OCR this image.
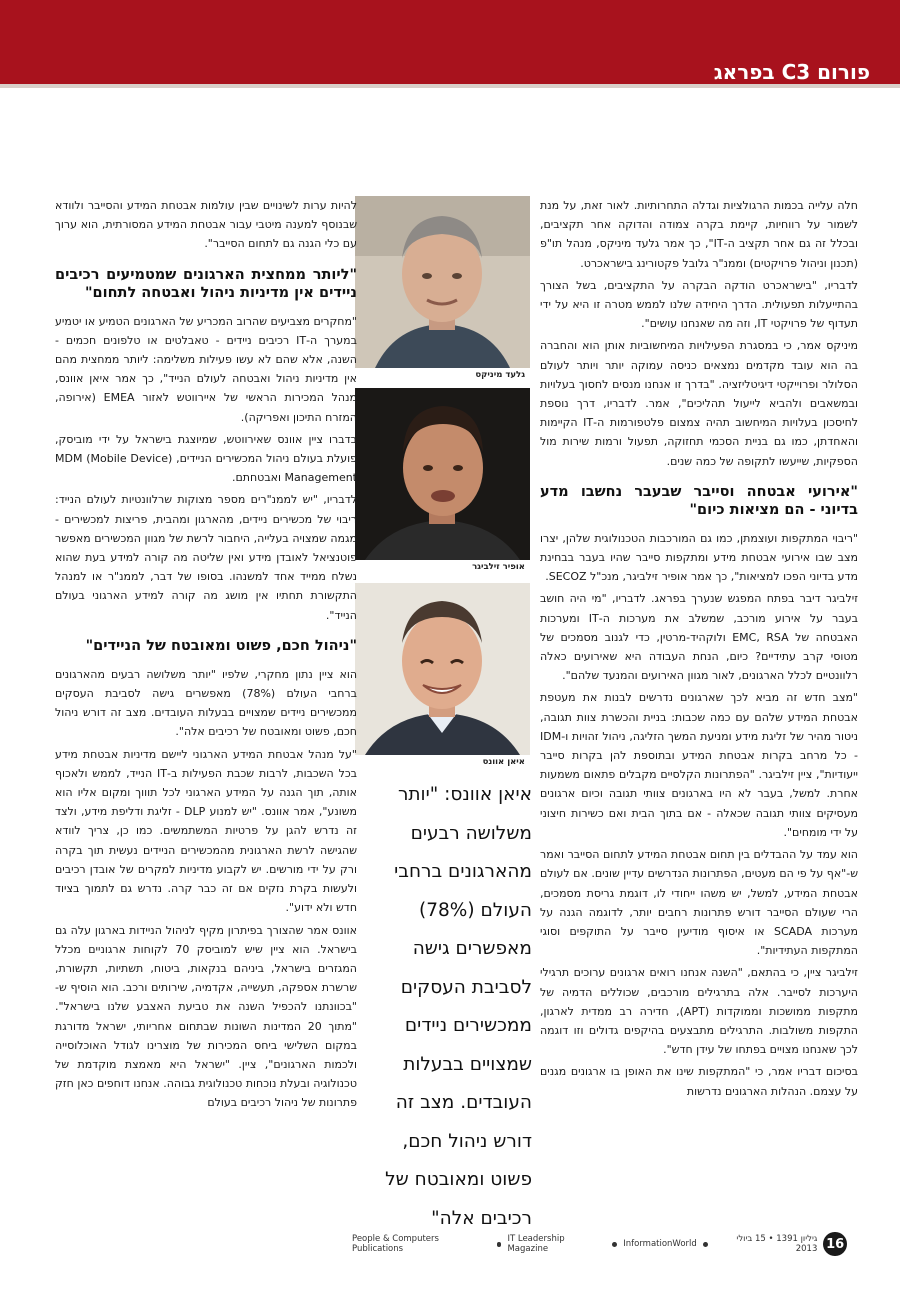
פורום C3 בפראג

חלה עלייה בכמות הרגולציות וגדלה התחרותיות. לאור זאת, על מנת לשמור על רווחיות, קיימת בקרה צמודה והדוקה אחר תקציבים, ובכלל זה גם אחר תקציב ה-IT", כך אמר גלעד מיניקס, מנהל תו"פ (תכנון וניהול פרויקטים) וממנ"ר גלובל פקטורינג בישראכרט.

לדבריו, "בישראכרט הודקה הבקרה על התקציבים, בשל הצורך בהתייעלות תפעולית. הדרך היחידה שלנו לממש מטרה זו היא על ידי תעדוף של פרויקטי IT, וזה מה שאנחנו עושים".

מיניקס אמר, כי במסגרת הפעילויות המיחשוביות אותן הוא והחברה בה הוא עובד מקדמים נמצאים כניסה עמוקה יותר ויותר לעולם הסלולר ופרוייקטי דיגיטליזציה. "בדרך זו אנחנו מנסים לחסוך בעלויות ובמשאבים ולהביא לייעול תהליכים", אמר. לדבריו, דרך נוספת לחיסכון בעלויות המיחשוב תהיה צמצום פלטפורמות ה-IT הקיימות והאחדתן, כמו גם בניית הסכמי תחזוקה, תפעול ורמות שירות מול הספקיות, שייעשו לתקופה של כמה שנים.

"אירועי אבטחה וסייבר שבעבר נחשבו מדע בדיוני - הם מציאות כיום"

"ריבוי המתקפות ועוצמתן, כמו גם המורכבות הטכנולוגית שלהן, יצרו מצב שבו אירועי אבטחת מידע ומתקפות סייבר שהיו בעבר בבחינת מדע בדיוני הפכו למציאות", כך אמר אופיר זילביגר, מנכ"ל SECOZ.

זילביגר דיבר בפתח המפגש שנערך בפראג. לדבריו, "מי היה חושב בעבר על אירוע מורכב, שמשלב את מערכות ה-IT ומערכות האבטחה של EMC, RSA ולוקהיד-מרטין, כדי לגנוב מסמכים של מטוסי קרב עתידיים? כיום, הנחת העבודה היא שאירועים כאלה רלוונטיים לכלל הארגונים, לאור מגוון האירועים והמנעד שלהם".

"מצב חדש זה מביא לכך שארגונים נדרשים לבנות את מעטפת אבטחת המידע שלהם עם כמה שכבות: בניית והכשרת צוות תגובה, ניטור מהיר של זליגת מידע ומניעת המשך הזליגה, ניהול זהויות ו-IDM - כל מרחב בקרות אבטחת המידע ובתוספת להן בקרות סייבר ייעודיות", ציין זילביגר. "הפתרונות הקלסיים מקבלים פתאום משמעות אחרת. למשל, בעבר לא היו בארגונים צוותי תגובה וכיום ארגונים מעסיקים צוותי תגובה שכאלה - אם בתוך הבית ואם כשירות חיצוני על ידי מומחים".

הוא עמד על ההבדלים בין תחום אבטחת המידע לתחום הסייבר ואמר ש-"אף על פי הם מעטים, הפתרונות הנדרשים עדיין שונים. אם לעולם אבטחת המידע, למשל, יש משהו ייחודי לו, דוגמת גריסת מסמכים, הרי שעולם הסייבר דורש פתרונות רחבים יותר, לדוגמה הגנה על מערכות SCADA או איסוף מודיעין סייבר על התוקפים וסוגי המתקפות העתידיות".

זילביגר ציין, כי בהתאם, "השנה אנחנו רואים ארגונים ערוכים תרגילי היערכות לסייבר. אלה בתרגילים מורכבים, שכוללים הדמיה של מתקפות ממושכות וממוקדות (APT), חדירה רב ממדית לארגון, התקפות משולבות. התרגילים מתבצעים בהיקפים גדולים וזו דוגמה לכך שאנחנו מצויים בפתחו של עידן חדש".

בסיכום דבריו אמר, כי "המתקפות שינו את האופן בו ארגונים מגנים על עצמם. הנהלות הארגונים נדרשות

גלעד מיניקס
אופיר זילביגר
איאן אוונס
איאן אוונס: "יותר משלושה רבעים מהארגונים ברחבי העולם (78%) מאפשרים גישה לסביבת העסקים ממכשירים ניידים שמצויים בבעלות העובדים. מצב זה דורש ניהול חכם, פשוט ומאובטח של רכיבים אלה"

להיות ערות לשינויים שבין עולמות אבטחת המידע והסייבר ולוודא שבנוסף למענה מיטבי עבור אבטחת המידע המסורתית, הוא ערוך עם כלי הגנה גם לתחום הסייבר".

"ליותר ממחצית הארגונים שמטמיעים רכיבים ניידים אין מדיניות ניהול ואבטחה לתחום"

"מחקרים מצביעים שהרוב המכריע של הארגונים הטמיע או יטמיע במערך ה-IT רכיבים ניידים - טאבלטים או טלפונים חכמים - השנה, אלא שהם לא עשו פעילות משלימה: ליותר ממחצית מהם אין מדיניות ניהול ואבטחה לעולם הנייד", כך אמר איאן אוונס, מנהל המכירות הראשי של איירווטש לאזור EMEA (אירופה, המזרח התיכון ואפריקה).

בדברו ציין אוונס שאירווטש, שמיוצגת בישראל על ידי מוביסק, פועלת בעולם ניהול המכשירים הניידים, (MDM (Mobile Device Management ואבטחתם.

לדבריו, "יש לממנ"רים מספר מצוקות שרלוונטיות לעולם הנייד: ריבוי של מכשירים ניידים, מהארגון ומהבית, פריצות למכשירים - מגמה שמצויה בעלייה, היחבור לרשת של מגוון המכשירים מאפשר פוטנציאל לאובדן מידע ואין שליטה מה קורה למידע בעת שהוא נשלח ממייד אחד למשנהו. בסופו של דבר, לממנ"ר או למנהל התקשורת תחתיו אין מושג מה קורה למידע הארגוני בעולם הנייד".

"ניהול חכם, פשוט ומאובטח של הניידים"

הוא ציין נתון מחקרי, שלפיו "יותר משלושה רבעים מהארגונים ברחבי העולם (78%) מאפשרים גישה לסביבת העסקים ממכשירים ניידים שמצויים בבעלות העובדים. מצב זה דורש ניהול חכם, פשוט ומאובטח של רכיבים אלה".

"על מנהל אבטחת המידע הארגוני ליישם מדיניות אבטחת מידע בכל השכבות, לרבות שכבת הפעילות ב-IT הנייד, לממש ולאכוף אותה, תוך הגנה על המידע הארגוני לכל תוווך ומקום אליו הוא משונע", אמר אוונס. "יש למנוע DLP - זליגת ודליפת מידע, ולצד זה נדרש להגן על פרטיות המשתמשים. כמו כן, צריך לוודא שהגישה לרשת הארגונית מהמכשירים הניידים נעשית תוך בקרה ורק על ידי מורשים. יש לקבוע מדיניות למקרים של אובדן רכיבים ולעשות בקרת נזקים אם זה כבר קרה. נדרש גם לתמוך בציוד חדש ולא ידוע".

אוונס אמר שהצורך בפיתרון מקיף לניהול הניידות בארגון עלה גם בישראל. הוא ציין שיש למוביסק 70 לקוחות ארגוניים מכלל המגזרים בישראל, ביניהם בנקאות, ביטוח, תשתיות, תקשורת, שרשרת אספקה, תעשייה, אקדמיה, שירותים ורכב. הוא הוסיף ש-"בכוונתנו להכפיל השנה את טביעת האצבע שלנו בישראל". "מתוך 20 המדינות השונות שבתחום אחריותי, ישראל מדורגת במקום השלישי ביחס המכירות של מוצרינו לגודל האוכלוסייה ולכמות הארגונים", ציין. "ישראל היא מאמצת מוקדמת של טכנולוגיה ובעלת נוכחות טכנולוגית גבוהה. אנחנו דוחפים כאן חזק פתרונות של ניהול רכיבים בעולם

People & Computers Publications
IT Leadership Magazine	InformationWorld	גיליון 1391 • 15 ביולי 2013 16
